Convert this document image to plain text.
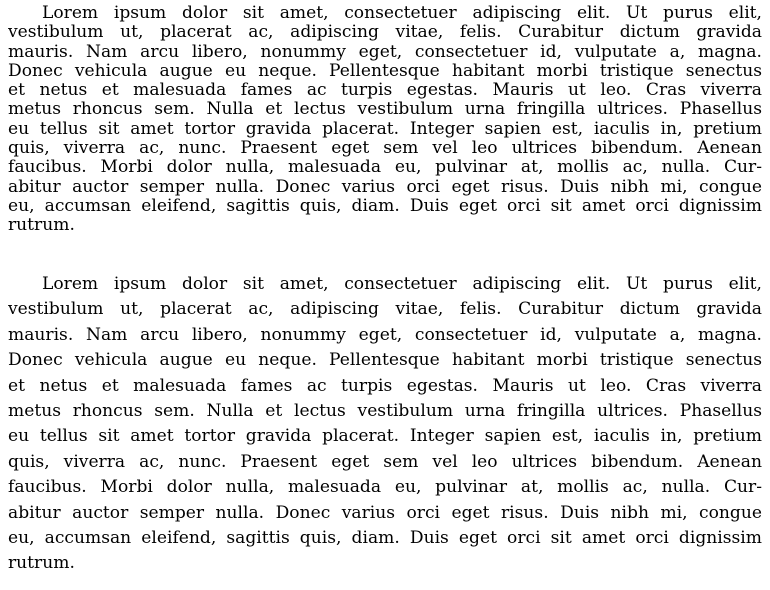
Lorem ipsum dolor sit amet, consectetuer adipiscing elit. Ut purus elit,
vestibulum ut, placerat ac, adipiscing vitae, felis. Curabitur dictum gravida
mauris. Nam arcu libero, nonummy eget, consectetuer id, vulputate a, magna.
Donec vehicula augue eu neque. Pellentesque habitant morbi tristique senectus
et netus et malesuada fames ac turpis egestas. Mauris ut leo. Cras viverra
metus rhoncus sem. Nulla et lectus vestibulum urna fringilla ultrices. Phasellus
eu tellus sit amet tortor gravida placerat. Integer sapien est, iaculis in, pretium
quis, viverra ac, nunc. Praesent eget sem vel leo ultrices bibendum. Aenean
faucibus. Morbi dolor nulla, malesuada eu, pulvinar at, mollis ac, nulla. Cur-
abitur auctor semper nulla. Donec varius orci eget risus. Duis nibh mi, congue
eu, accumsan eleifend, sagittis quis, diam. Duis eget orci sit amet orci dignissim
rutrum.
Lorem ipsum dolor sit amet, consectetuer adipiscing elit. Ut purus elit,
vestibulum ut, placerat ac, adipiscing vitae, felis. Curabitur dictum gravida
mauris. Nam arcu libero, nonummy eget, consectetuer id, vulputate a, magna.
Donec vehicula augue eu neque. Pellentesque habitant morbi tristique senectus
et netus et malesuada fames ac turpis egestas. Mauris ut leo. Cras viverra
metus rhoncus sem. Nulla et lectus vestibulum urna fringilla ultrices. Phasellus
eu tellus sit amet tortor gravida placerat. Integer sapien est, iaculis in, pretium
quis, viverra ac, nunc. Praesent eget sem vel leo ultrices bibendum. Aenean
faucibus. Morbi dolor nulla, malesuada eu, pulvinar at, mollis ac, nulla. Cur-
abitur auctor semper nulla. Donec varius orci eget risus. Duis nibh mi, congue
eu, accumsan eleifend, sagittis quis, diam. Duis eget orci sit amet orci dignissim
rutrum.
